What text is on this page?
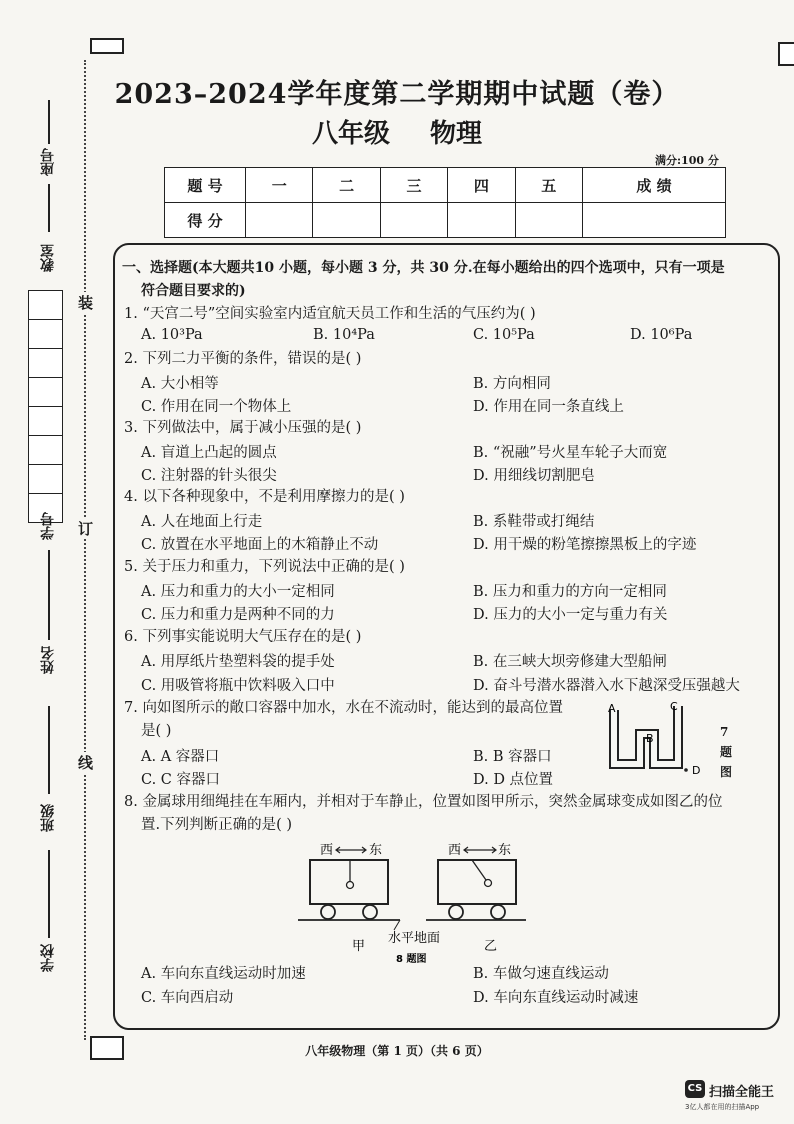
装
订
线
座号
教室
学号
姓名
班级
学校
2023–2024学年度第二学期期中试题（卷）
八年级 物理
满分:100 分
题 号	一	二	三	四	五	成 绩
得 分						
一、选择题(本大题共10 小题，每小题 3 分，共 30 分.在每小题给出的四个选项中，只有一项是
符合题目要求的)
1. “天宫二号”空间实验室内适宜航天员工作和生活的气压约为( )
A. 10³Pa	B. 10⁴Pa	C. 10⁵Pa	D. 10⁶Pa
2. 下列二力平衡的条件，错误的是( )
A. 大小相等	B. 方向相同
C. 作用在同一个物体上	D. 作用在同一条直线上
3. 下列做法中，属于减小压强的是( )
A. 盲道上凸起的圆点	B. “祝融”号火星车轮子大而宽
C. 注射器的针头很尖	D. 用细线切割肥皂
4. 以下各种现象中，不是利用摩擦力的是( )
A. 人在地面上行走	B. 系鞋带或打绳结
C. 放置在水平地面上的木箱静止不动	D. 用干燥的粉笔擦擦黑板上的字迹
5. 关于压力和重力，下列说法中正确的是( )
A. 压力和重力的大小一定相同	B. 压力和重力的方向一定相同
C. 压力和重力是两种不同的力	D. 压力的大小一定与重力有关
6. 下列事实能说明大气压存在的是( )
A. 用厚纸片垫塑料袋的提手处	B. 在三峡大坝旁修建大型船闸
C. 用吸管将瓶中饮料吸入口中	D. 奋斗号潜水器潜入水下越深受压强越大
7. 向如图所示的敞口容器中加水，水在不流动时，能达到的最高位置
是( )
A. A 容器口	B. B 容器口
C. C 容器口	D. D 点位置
A
B
C
D
7 题 图
8. 金属球用细绳挂在车厢内，并相对于车静止，位置如图甲所示，突然金属球变成如图乙的位
置.下列判断正确的是( )
西	东	西	东
甲
水平地面
乙
8 题图
A. 车向东直线运动时加速	B. 车做匀速直线运动
C. 车向西启动	D. 车向东直线运动时减速
八年级物理（第 1 页）（共 6 页）
CS 扫描全能王
3亿人都在用的扫描App
